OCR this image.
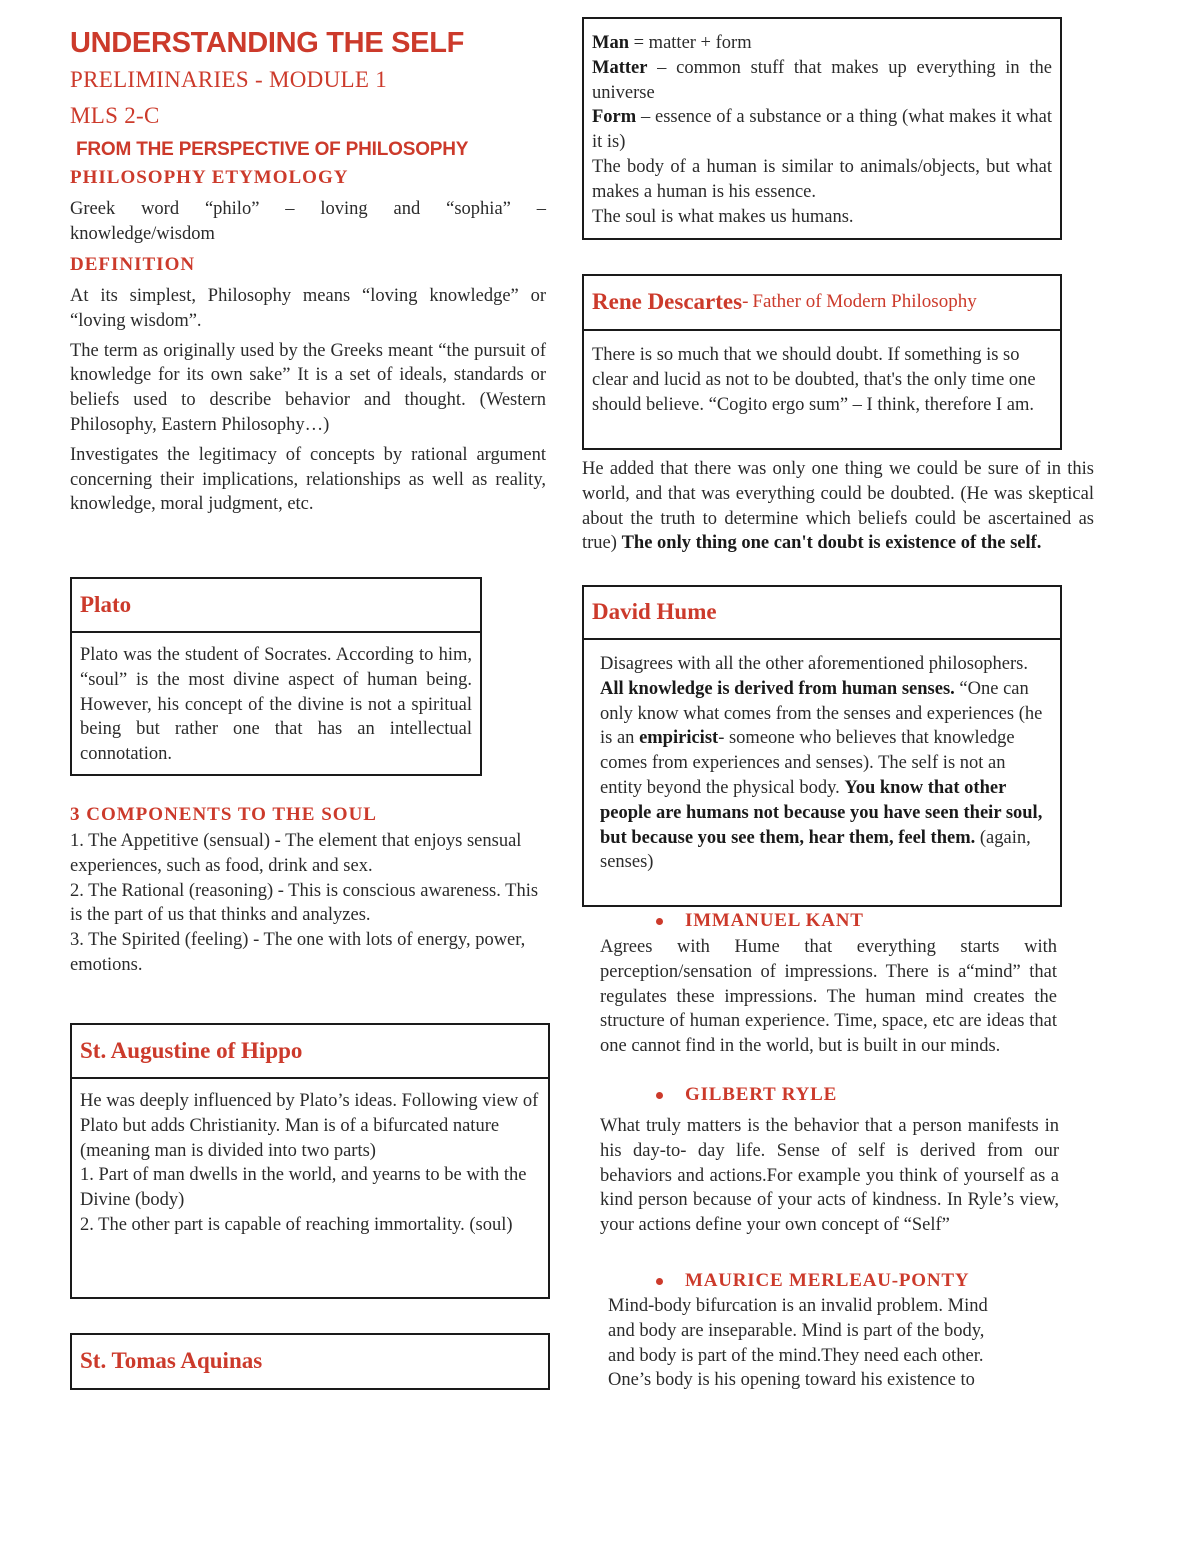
UNDERSTANDING THE SELF
PRELIMINARIES - MODULE 1
MLS 2-C
FROM THE PERSPECTIVE OF PHILOSOPHY
PHILOSOPHY ETYMOLOGY

Greek word “philo” – loving and “sophia” – knowledge/wisdom

DEFINITION

At its simplest, Philosophy means “loving knowledge” or “loving wisdom”.

The term as originally used by the Greeks meant “the pursuit of knowledge for its own sake” It is a set of ideals, standards or beliefs used to describe behavior and thought. (Western Philosophy, Eastern Philosophy…)

Investigates the legitimacy of concepts by rational argument concerning their implications, relationships as well as reality, knowledge, moral judgment, etc.

Plato
Plato was the student of Socrates. According to him, “soul” is the most divine aspect of human being. However, his concept of the divine is not a spiritual being but rather one that has an intellectual connotation.
3 COMPONENTS TO THE SOUL
1. The Appetitive (sensual) - The element that enjoys sensual experiences, such as food, drink and sex.
2. The Rational (reasoning) - This is conscious awareness. This is the part of us that thinks and analyzes.
3. The Spirited (feeling) - The one with lots of energy, power, emotions.
St. Augustine of Hippo
He was deeply influenced by Plato’s ideas. Following view of Plato but adds Christianity. Man is of a bifurcated nature (meaning man is divided into two parts)
1. Part of man dwells in the world, and yearns to be with the Divine (body)
2. The other part is capable of reaching immortality. (soul)
St. Tomas Aquinas

Man = matter + form

Matter – common stuff that makes up everything in the universe

Form – essence of a substance or a thing (what makes it what it is)

The body of a human is similar to animals/objects, but what makes a human is his essence.

The soul is what makes us humans.

Rene Descartes - Father of Modern Philosophy
There is so much that we should doubt. If something is so clear and lucid as not to be doubted, that's the only time one should believe. “Cogito ergo sum” – I think, therefore I am.
He added that there was only one thing we could be sure of in this world, and that was everything could be doubted. (He was skeptical about the truth to determine which beliefs could be ascertained as true) The only thing one can't doubt is existence of the self.
David Hume
Disagrees with all the other aforementioned philosophers. All knowledge is derived from human senses. “One can only know what comes from the senses and experiences (he is an empiricist- someone who believes that knowledge comes from experiences and senses). The self is not an entity beyond the physical body. You know that other people are humans not because you have seen their soul, but because you see them, hear them, feel them. (again, senses)
IMMANUEL KANT
Agrees with Hume that everything starts with perception/sensation of impressions. There is a“mind” that regulates these impressions. The human mind creates the structure of human experience. Time, space, etc are ideas that one cannot find in the world, but is built in our minds.
GILBERT RYLE
What truly matters is the behavior that a person manifests in his day-to- day life. Sense of self is derived from our behaviors and actions.For example you think of yourself as a kind person because of your acts of kindness. In Ryle’s view, your actions define your own concept of “Self”
MAURICE MERLEAU-PONTY
Mind-body bifurcation is an invalid problem. Mind
and body are inseparable. Mind is part of the body,
and body is part of the mind.They need each other.
One’s body is his opening toward his existence to
